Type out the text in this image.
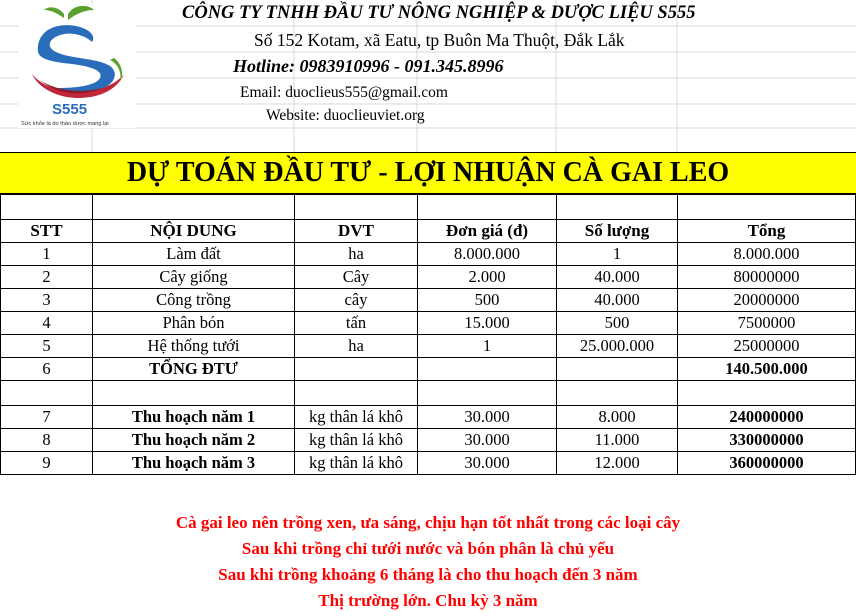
S555
Sức khỏe là do thảo dược mang lại
CÔNG TY TNHH ĐẦU TƯ NÔNG NGHIỆP & DƯỢC LIỆU S555
Số 152 Kotam, xã Eatu, tp Buôn Ma Thuột, Đắk Lắk
Hotline: 0983910996 - 091.345.8996
Email: duoclieus555@gmail.com
Website: duoclieuviet.org
DỰ TOÁN ĐẦU TƯ - LỢI NHUẬN CÀ GAI LEO

STT	NỘI DUNG	DVT	Đơn giá (đ)	Số lượng	Tổng
1	Làm đất	ha	8.000.000	1	8.000.000
2	Cây giống	Cây	2.000	40.000	80000000
3	Công trồng	cây	500	40.000	20000000
4	Phân bón	tấn	15.000	500	7500000
5	Hệ thống tưới	ha	1	25.000.000	25000000
6	TỔNG ĐTƯ				140.500.000

7	Thu hoạch năm 1	kg thân lá khô	30.000	8.000	240000000
8	Thu hoạch năm 2	kg thân lá khô	30.000	11.000	330000000
9	Thu hoạch năm 3	kg thân lá khô	30.000	12.000	360000000
Cà gai leo nên trồng xen, ưa sáng, chịu hạn tốt nhất trong các loại cây
Sau khi trồng chỉ tưới nước và bón phân là chủ yếu
Sau khi trồng khoảng 6 tháng là cho thu hoạch đến 3 năm
Thị trường lớn. Chu kỳ 3 năm
